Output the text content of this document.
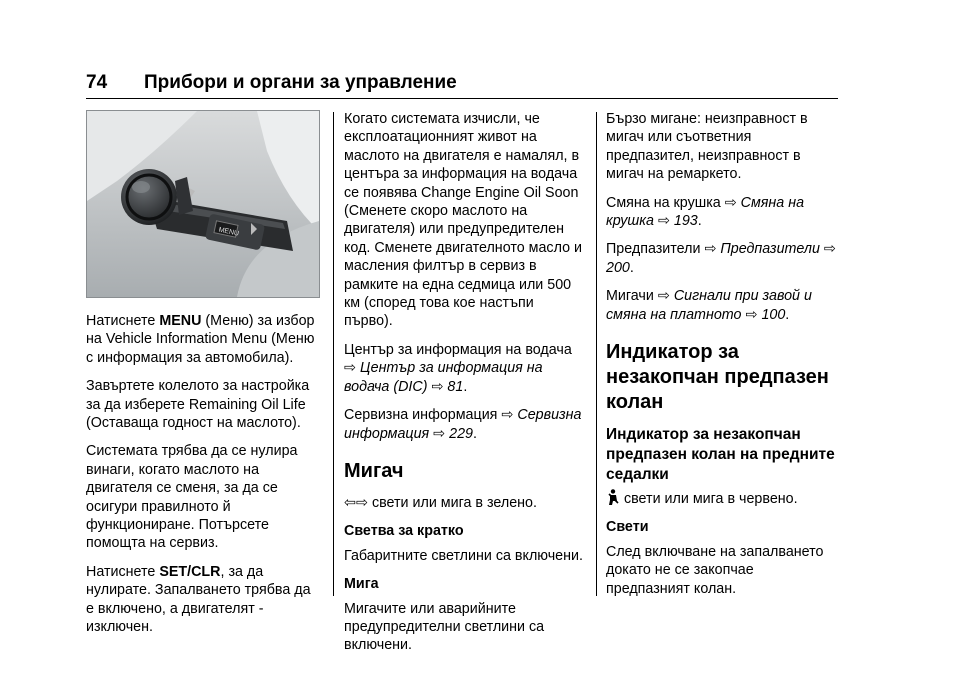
74 Прибори и органи за управление
MENU

Натиснете MENU (Меню) за избор на Vehicle Information Menu (Меню с информация за автомобила).

Завъртете колелото за настройка за да изберете Remaining Oil Life (Оставаща годност на маслото).

Системата трябва да се нулира винаги, когато маслото на двигателя се сменя, за да се осигури правилното й функциониране. Потърсете помощта на сервиз.

Натиснете SET/CLR, за да нулирате. Запалването трябва да е включено, а двигателят - изключен.

Когато системата изчисли, че експлоатационният живот на маслото на двигателя е намалял, в центъра за информация на водача се появява Change Engine Oil Soon (Сменете скоро маслото на двигателя) или предупредителен код. Сменете двигателното масло и масления филтър в сервиз в рамките на една седмица или 500 км (според това кое настъпи първо).

Център за информация на водача ⇨ Център за информация на водача (DIC) ⇨ 81.

Сервизна информация ⇨ Сервизна информация ⇨ 229.

Мигач

⇦⇨ свети или мига в зелено.

Светва за кратко

Габаритните светлини са включени.

Мига

Мигачите или аварийните предупредителни светлини са включени.

Бързо мигане: неизправност в мигач или съответния предпазител, неизправност в мигач на ремаркето.

Смяна на крушка ⇨ Смяна на крушка ⇨ 193.

Предпазители ⇨ Предпазители ⇨ 200.

Мигачи ⇨ Сигнали при завой и смяна на платното ⇨ 100.

Индикатор за незакопчан предпазен колан
Индикатор за незакопчан предпазен колан на предните седалки

свети или мига в червено.

Свети

След включване на запалването докато не се закопчае предпазният колан.
